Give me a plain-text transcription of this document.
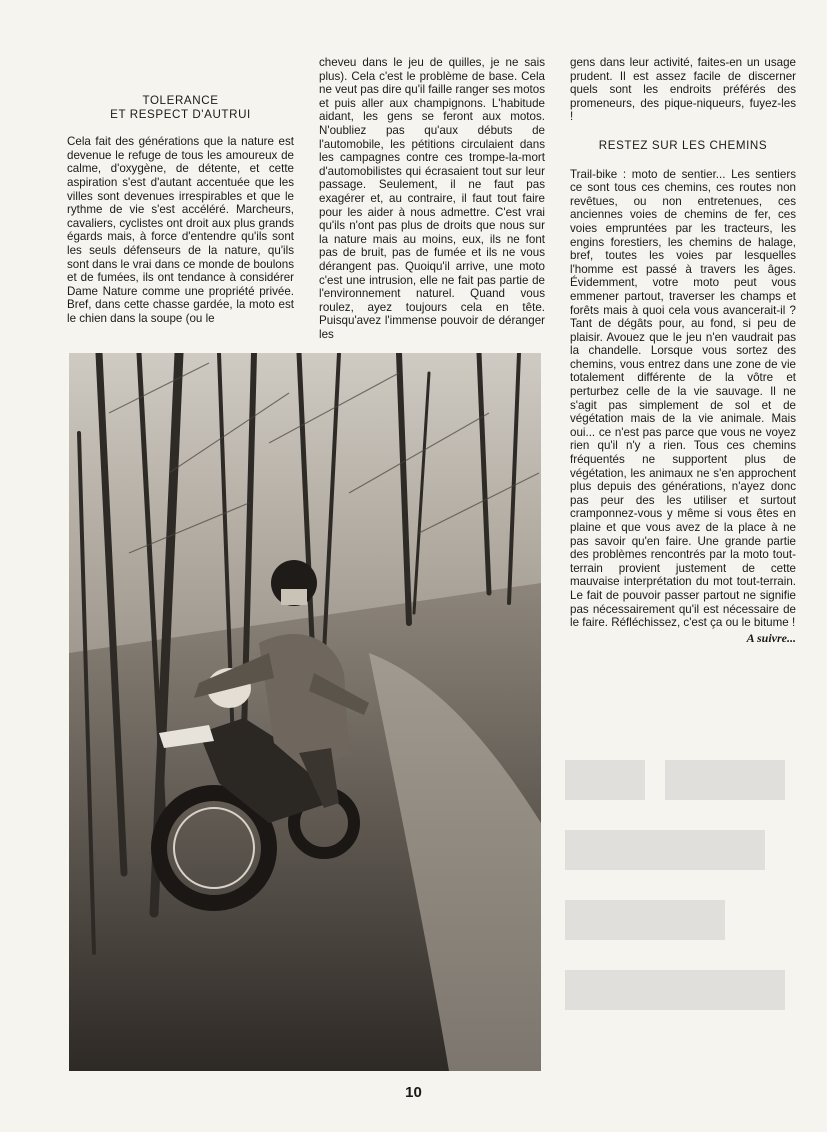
TOLERANCE
ET RESPECT D'AUTRUI

Cela fait des générations que la nature est devenue le refuge de tous les amoureux de calme, d'oxygène, de détente, et cette aspiration s'est d'autant accentuée que les villes sont devenues irrespirables et que le rythme de vie s'est accéléré. Marcheurs, cavaliers, cyclistes ont droit aux plus grands égards mais, à force d'entendre qu'ils sont les seuls défenseurs de la nature, qu'ils sont dans le vrai dans ce monde de boulons et de fumées, ils ont tendance à considérer Dame Nature comme une propriété privée. Bref, dans cette chasse gardée, la moto est le chien dans la soupe (ou le

cheveu dans le jeu de quilles, je ne sais plus). Cela c'est le problème de base. Cela ne veut pas dire qu'il faille ranger ses motos et puis aller aux champignons. L'habitude aidant, les gens se feront aux motos. N'oubliez pas qu'aux débuts de l'automobile, les pétitions circulaient dans les campagnes contre ces trompe-la-mort d'automobilistes qui écrasaient tout sur leur passage. Seulement, il ne faut pas exagérer et, au contraire, il faut tout faire pour les aider à nous admettre. C'est vrai qu'ils n'ont pas plus de droits que nous sur la nature mais au moins, eux, ils ne font pas de bruit, pas de fumée et ils ne vous dérangent pas. Quoiqu'il arrive, une moto c'est une intrusion, elle ne fait pas partie de l'environnement naturel. Quand vous roulez, ayez toujours cela en tête. Puisqu'avez l'immense pouvoir de déranger les

gens dans leur activité, faites-en un usage prudent. Il est assez facile de discerner quels sont les endroits préférés des promeneurs, des pique-niqueurs, fuyez-les !

RESTEZ SUR LES CHEMINS

Trail-bike : moto de sentier... Les sentiers ce sont tous ces chemins, ces routes non revêtues, ou non entretenues, ces anciennes voies de chemins de fer, ces voies empruntées par les tracteurs, les engins forestiers, les chemins de halage, bref, toutes les voies par lesquelles l'homme est passé à travers les âges. Évidemment, votre moto peut vous emmener partout, traverser les champs et forêts mais à quoi cela vous avancerait-il ? Tant de dégâts pour, au fond, si peu de plaisir. Avouez que le jeu n'en vaudrait pas la chandelle. Lorsque vous sortez des chemins, vous entrez dans une zone de vie totalement différente de la vôtre et perturbez celle de la vie sauvage. Il ne s'agit pas simplement de sol et de végétation mais de la vie animale. Mais oui... ce n'est pas parce que vous ne voyez rien qu'il n'y a rien. Tous ces chemins fréquentés ne supportent plus de végétation, les animaux ne s'en approchent plus depuis des générations, n'ayez donc pas peur des les utiliser et surtout cramponnez-vous y même si vous êtes en plaine et que vous avez de la place à ne pas savoir qu'en faire. Une grande partie des problèmes rencontrés par la moto tout-terrain provient justement de cette mauvaise interprétation du mot tout-terrain. Le fait de pouvoir passer partout ne signifie pas nécessairement qu'il est nécessaire de le faire. Réfléchissez, c'est ça ou le bitume !

A suivre...
10
